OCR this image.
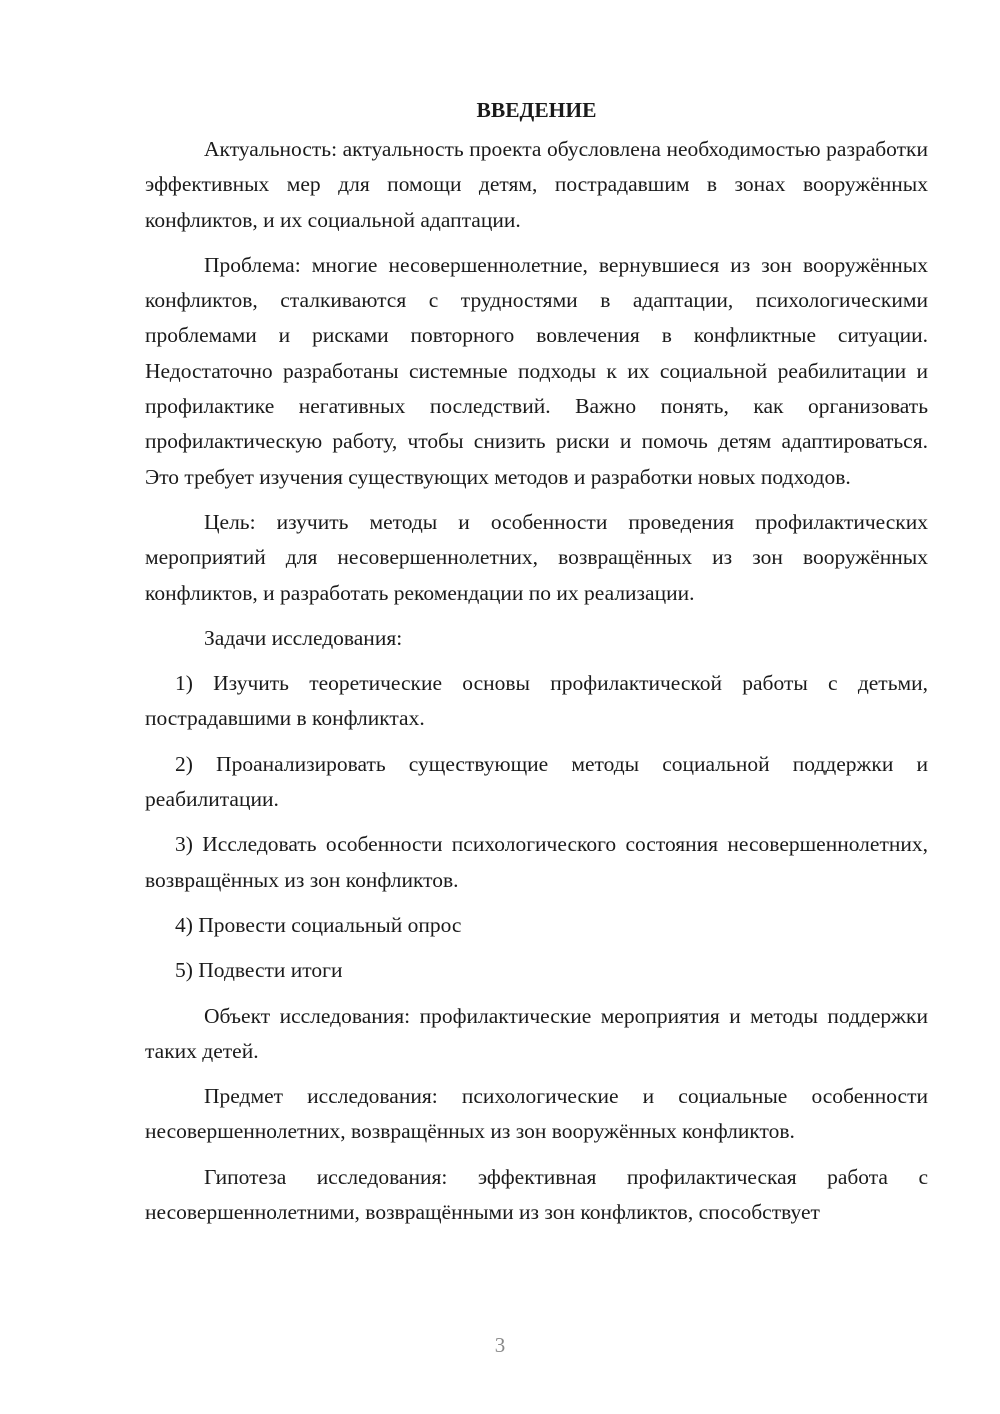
ВВЕДЕНИЕ

Актуальность: актуальность проекта обусловлена необходимостью разработки эффективных мер для помощи детям, пострадавшим в зонах вооружённых конфликтов, и их социальной адаптации.

Проблема: многие несовершеннолетние, вернувшиеся из зон вооружённых конфликтов, сталкиваются с трудностями в адаптации, психологическими проблемами и рисками повторного вовлечения в конфликтные ситуации. Недостаточно разработаны системные подходы к их социальной реабилитации и профилактике негативных последствий. Важно понять, как организовать профилактическую работу, чтобы снизить риски и помочь детям адаптироваться. Это требует изучения существующих методов и разработки новых подходов.

Цель: изучить методы и особенности проведения профилактических мероприятий для несовершеннолетних, возвращённых из зон вооружённых конфликтов, и разработать рекомендации по их реализации.

Задачи исследования:

1) Изучить теоретические основы профилактической работы с детьми, пострадавшими в конфликтах.

2) Проанализировать существующие методы социальной поддержки и реабилитации.

3) Исследовать особенности психологического состояния несовершеннолетних, возвращённых из зон конфликтов.

4) Провести социальный опрос

5) Подвести итоги

Объект исследования: профилактические мероприятия и методы поддержки таких детей.

Предмет исследования: психологические и социальные особенности несовершеннолетних, возвращённых из зон вооружённых конфликтов.

Гипотеза исследования: эффективная профилактическая работа с несовершеннолетними, возвращёнными из зон конфликтов, способствует

3
